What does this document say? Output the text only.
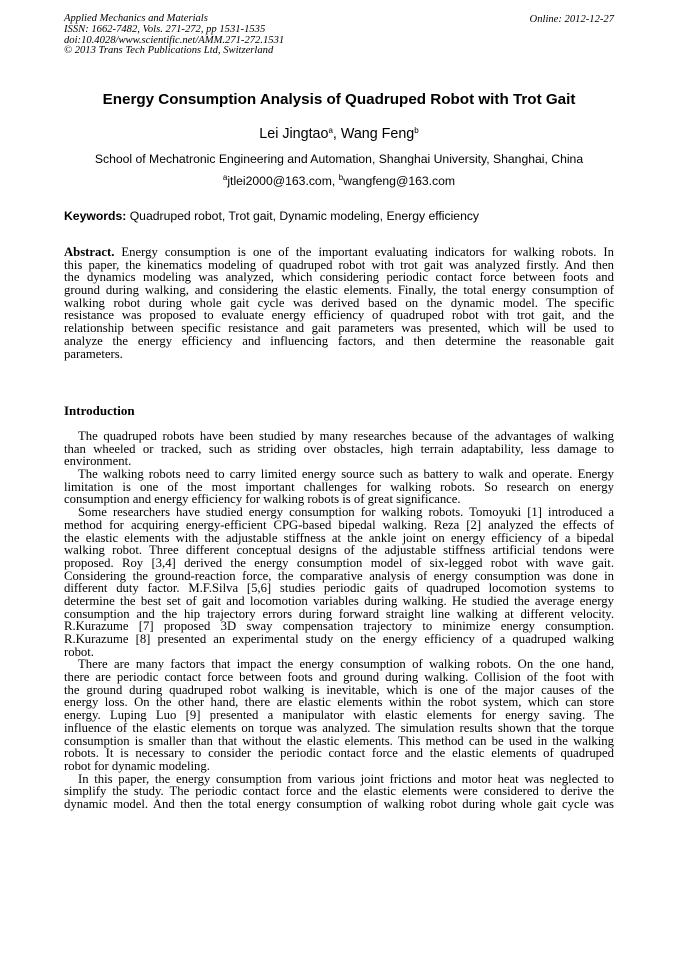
Applied Mechanics and Materials
ISSN: 1662-7482, Vols. 271-272, pp 1531-1535
doi:10.4028/www.scientific.net/AMM.271-272.1531
© 2013 Trans Tech Publications Ltd, Switzerland
Online: 2012-12-27
Energy Consumption Analysis of Quadruped Robot with Trot Gait
Lei Jingtao$^a$, Wang Feng$^b$
School of Mechatronic Engineering and Automation, Shanghai University, Shanghai, China
$^a$jtlei2000@163.com, $^b$wangfeng@163.com
Keywords: Quadruped robot, Trot gait, Dynamic modeling, Energy efficiency
Abstract. Energy consumption is one of the important evaluating indicators for walking robots. In
this paper, the kinematics modeling of quadruped robot with trot gait was analyzed firstly. And then
the dynamics modeling was analyzed, which considering periodic contact force between foots and
ground during walking, and considering the elastic elements. Finally, the total energy consumption of
walking robot during whole gait cycle was derived based on the dynamic model. The specific
resistance was proposed to evaluate energy efficiency of quadruped robot with trot gait, and the
relationship between specific resistance and gait parameters was presented, which will be used to
analyze the energy efficiency and influencing factors, and then determine the reasonable gait
parameters.
Introduction
The quadruped robots have been studied by many researches because of the advantages of walking
than wheeled or tracked, such as striding over obstacles, high terrain adaptability, less damage to
environment.
The walking robots need to carry limited energy source such as battery to walk and operate. Energy
limitation is one of the most important challenges for walking robots. So research on energy
consumption and energy efficiency for walking robots is of great significance.
Some researchers have studied energy consumption for walking robots. Tomoyuki [1] introduced a
method for acquiring energy-efficient CPG-based bipedal walking. Reza [2] analyzed the effects of
the elastic elements with the adjustable stiffness at the ankle joint on energy efficiency of a bipedal
walking robot. Three different conceptual designs of the adjustable stiffness artificial tendons were
proposed. Roy [3,4] derived the energy consumption model of six-legged robot with wave gait.
Considering the ground-reaction force, the comparative analysis of energy consumption was done in
different duty factor. M.F.Silva [5,6] studies periodic gaits of quadruped locomotion systems to
determine the best set of gait and locomotion variables during walking. He studied the average energy
consumption and the hip trajectory errors during forward straight line walking at different velocity.
R.Kurazume [7] proposed 3D sway compensation trajectory to minimize energy consumption.
R.Kurazume [8] presented an experimental study on the energy efficiency of a quadruped walking
robot.
There are many factors that impact the energy consumption of walking robots. On the one hand,
there are periodic contact force between foots and ground during walking. Collision of the foot with
the ground during quadruped robot walking is inevitable, which is one of the major causes of the
energy loss. On the other hand, there are elastic elements within the robot system, which can store
energy. Luping Luo [9] presented a manipulator with elastic elements for energy saving. The
influence of the elastic elements on torque was analyzed. The simulation results shown that the torque
consumption is smaller than that without the elastic elements. This method can be used in the walking
robots. It is necessary to consider the periodic contact force and the elastic elements of quadruped
robot for dynamic modeling.
In this paper, the energy consumption from various joint frictions and motor heat was neglected to
simplify the study. The periodic contact force and the elastic elements were considered to derive the
dynamic model. And then the total energy consumption of walking robot during whole gait cycle was
